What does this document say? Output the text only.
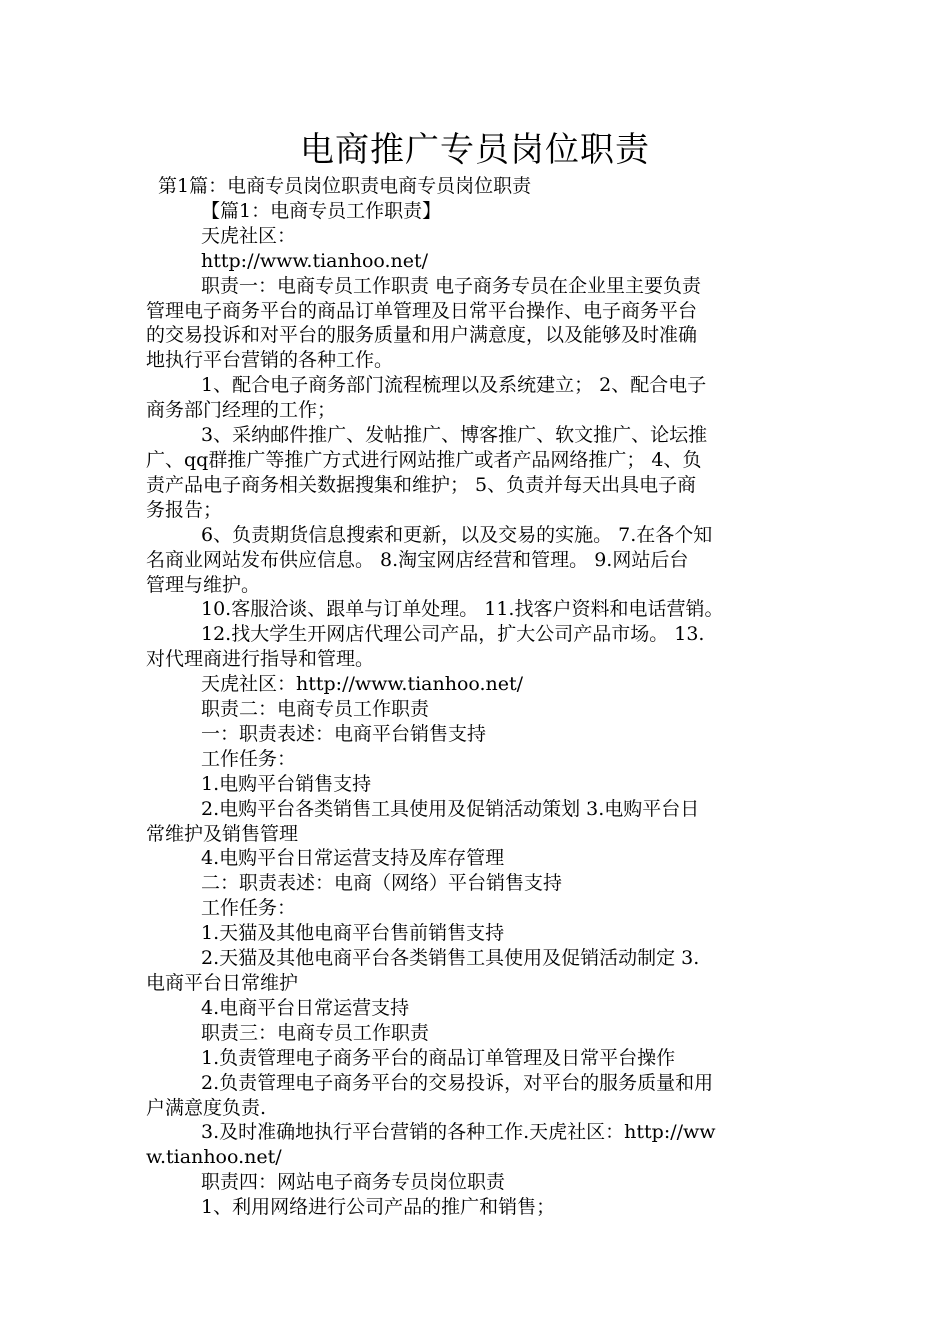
电商推广专员岗位职责

第1篇：电商专员岗位职责电商专员岗位职责

【篇1：电商专员工作职责】

天虎社区：

http://www.tianhoo.net/

职责一：电商专员工作职责 电子商务专员在企业里主要负责

管理电子商务平台的商品订单管理及日常平台操作、电子商务平台

的交易投诉和对平台的服务质量和用户满意度，以及能够及时准确

地执行平台营销的各种工作。

1、配合电子商务部门流程梳理以及系统建立； 2、配合电子

商务部门经理的工作；

3、采纳邮件推广、发帖推广、博客推广、软文推广、论坛推

广、qq群推广等推广方式进行网站推广或者产品网络推广； 4、负

责产品电子商务相关数据搜集和维护； 5、负责并每天出具电子商

务报告；

6、负责期货信息搜索和更新，以及交易的实施。 7.在各个知

名商业网站发布供应信息。 8.淘宝网店经营和管理。 9.网站后台

管理与维护。

10.客服洽谈、跟单与订单处理。 11.找客户资料和电话营销。

12.找大学生开网店代理公司产品，扩大公司产品市场。 13.

对代理商进行指导和管理。

天虎社区：http://www.tianhoo.net/

职责二：电商专员工作职责

一：职责表述：电商平台销售支持

工作任务：

1.电购平台销售支持

2.电购平台各类销售工具使用及促销活动策划 3.电购平台日

常维护及销售管理

4.电购平台日常运营支持及库存管理

二：职责表述：电商（网络）平台销售支持

工作任务：

1.天猫及其他电商平台售前销售支持

2.天猫及其他电商平台各类销售工具使用及促销活动制定 3.

电商平台日常维护

4.电商平台日常运营支持

职责三：电商专员工作职责

1.负责管理电子商务平台的商品订单管理及日常平台操作

2.负责管理电子商务平台的交易投诉，对平台的服务质量和用

户满意度负责.

3.及时准确地执行平台营销的各种工作.天虎社区：http://ww

w.tianhoo.net/

职责四：网站电子商务专员岗位职责

1、利用网络进行公司产品的推广和销售；
